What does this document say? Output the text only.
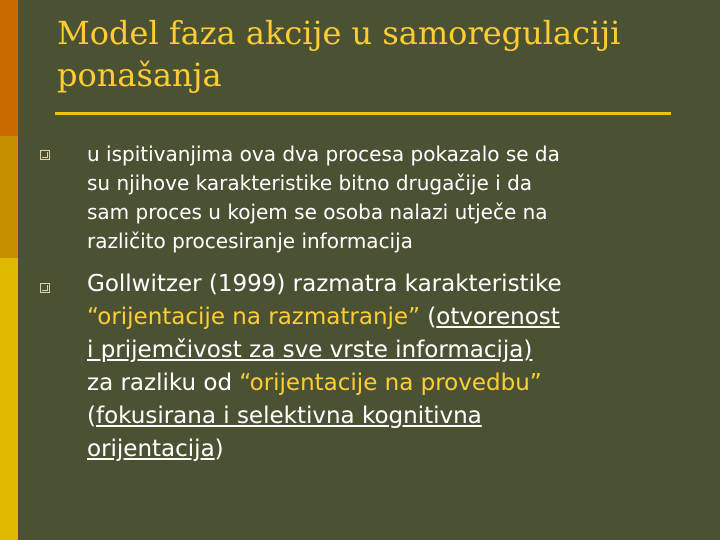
Model faza akcije u samoregulaciji
ponašanja
u ispitivanjima ova dva procesa pokazalo se da
su njihove karakteristike bitno drugačije i da
sam proces u kojem se osoba nalazi utječe na
različito procesiranje informacija
Gollwitzer (1999) razmatra karakteristike
“orijentacije na razmatranje” (otvorenost
i prijemčivost za sve vrste informacija)
za razliku od “orijentacije na provedbu”
(fokusirana i selektivna kognitivna
orijentacija)
